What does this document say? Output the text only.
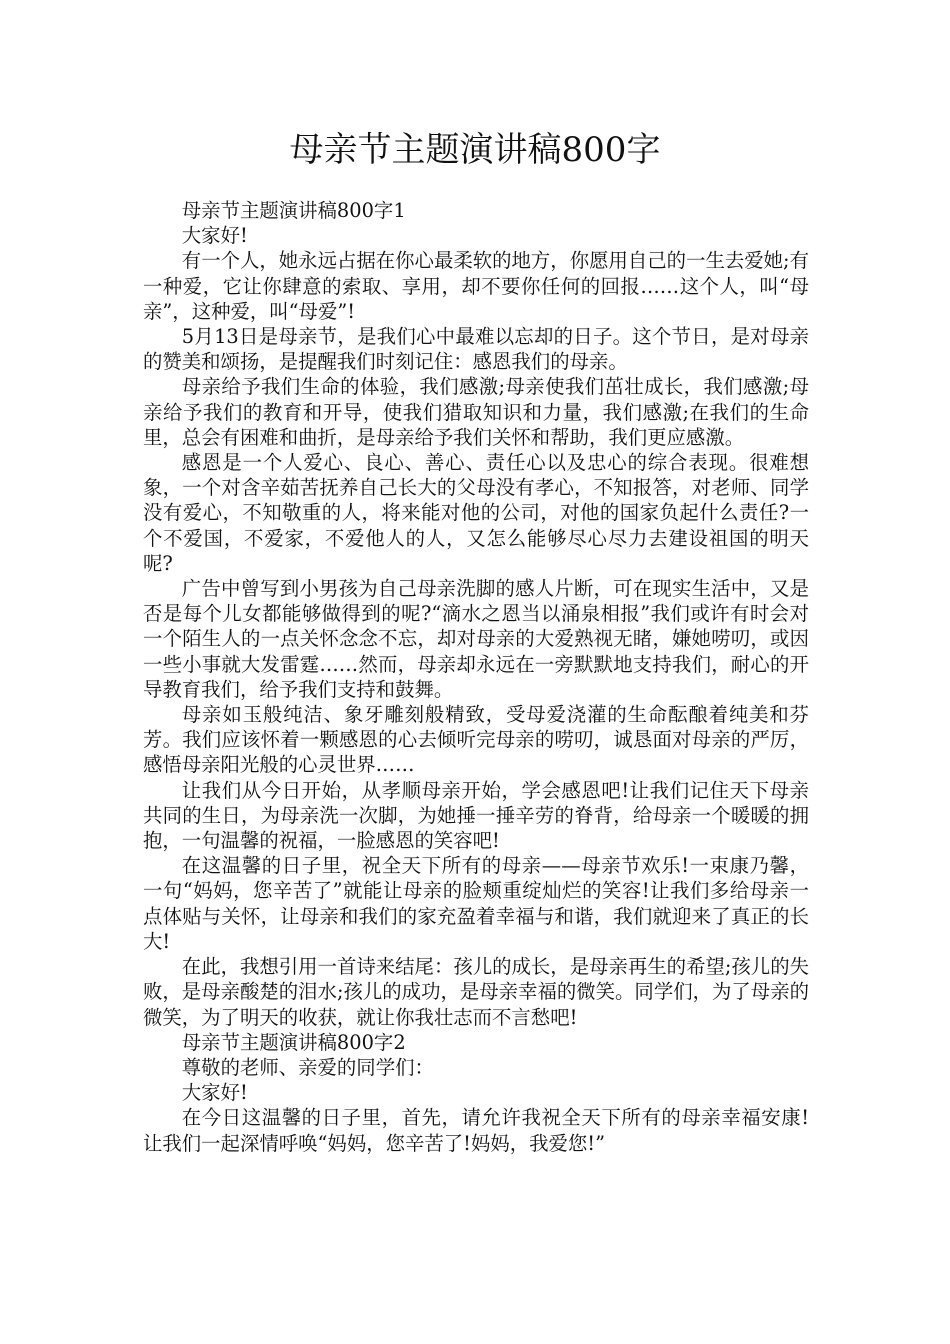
母亲节主题演讲稿800字

母亲节主题演讲稿800字1

大家好!

有一个人，她永远占据在你心最柔软的地方，你愿用自己的一生去爱她;有一种爱，它让你肆意的索取、享用，却不要你任何的回报……这个人，叫“母亲”，这种爱，叫“母爱”!

5月13日是母亲节，是我们心中最难以忘却的日子。这个节日，是对母亲的赞美和颂扬，是提醒我们时刻记住：感恩我们的母亲。

母亲给予我们生命的体验，我们感激;母亲使我们茁壮成长，我们感激;母亲给予我们的教育和开导，使我们猎取知识和力量，我们感激;在我们的生命里，总会有困难和曲折，是母亲给予我们关怀和帮助，我们更应感激。

感恩是一个人爱心、良心、善心、责任心以及忠心的综合表现。很难想象，一个对含辛茹苦抚养自己长大的父母没有孝心，不知报答，对老师、同学没有爱心，不知敬重的人，将来能对他的公司，对他的国家负起什么责任?一个不爱国，不爱家，不爱他人的人，又怎么能够尽心尽力去建设祖国的明天呢?

广告中曾写到小男孩为自己母亲洗脚的感人片断，可在现实生活中，又是否是每个儿女都能够做得到的呢?“滴水之恩当以涌泉相报”我们或许有时会对一个陌生人的一点关怀念念不忘，却对母亲的大爱熟视无睹，嫌她唠叨，或因一些小事就大发雷霆……然而，母亲却永远在一旁默默地支持我们，耐心的开导教育我们，给予我们支持和鼓舞。

母亲如玉般纯洁、象牙雕刻般精致，受母爱浇灌的生命酝酿着纯美和芬芳。我们应该怀着一颗感恩的心去倾听完母亲的唠叨，诚恳面对母亲的严厉，感悟母亲阳光般的心灵世界……

让我们从今日开始，从孝顺母亲开始，学会感恩吧!让我们记住天下母亲共同的生日，为母亲洗一次脚，为她捶一捶辛劳的脊背，给母亲一个暖暖的拥抱，一句温馨的祝福，一脸感恩的笑容吧!

在这温馨的日子里，祝全天下所有的母亲——母亲节欢乐!一束康乃馨，一句“妈妈，您辛苦了”就能让母亲的脸颊重绽灿烂的笑容!让我们多给母亲一点体贴与关怀，让母亲和我们的家充盈着幸福与和谐，我们就迎来了真正的长大!

在此，我想引用一首诗来结尾：孩儿的成长，是母亲再生的希望;孩儿的失败，是母亲酸楚的泪水;孩儿的成功，是母亲幸福的微笑。同学们，为了母亲的微笑，为了明天的收获，就让你我壮志而不言愁吧!

母亲节主题演讲稿800字2

尊敬的老师、亲爱的同学们：

大家好!

在今日这温馨的日子里，首先，请允许我祝全天下所有的母亲幸福安康!让我们一起深情呼唤“妈妈，您辛苦了!妈妈，我爱您!”
